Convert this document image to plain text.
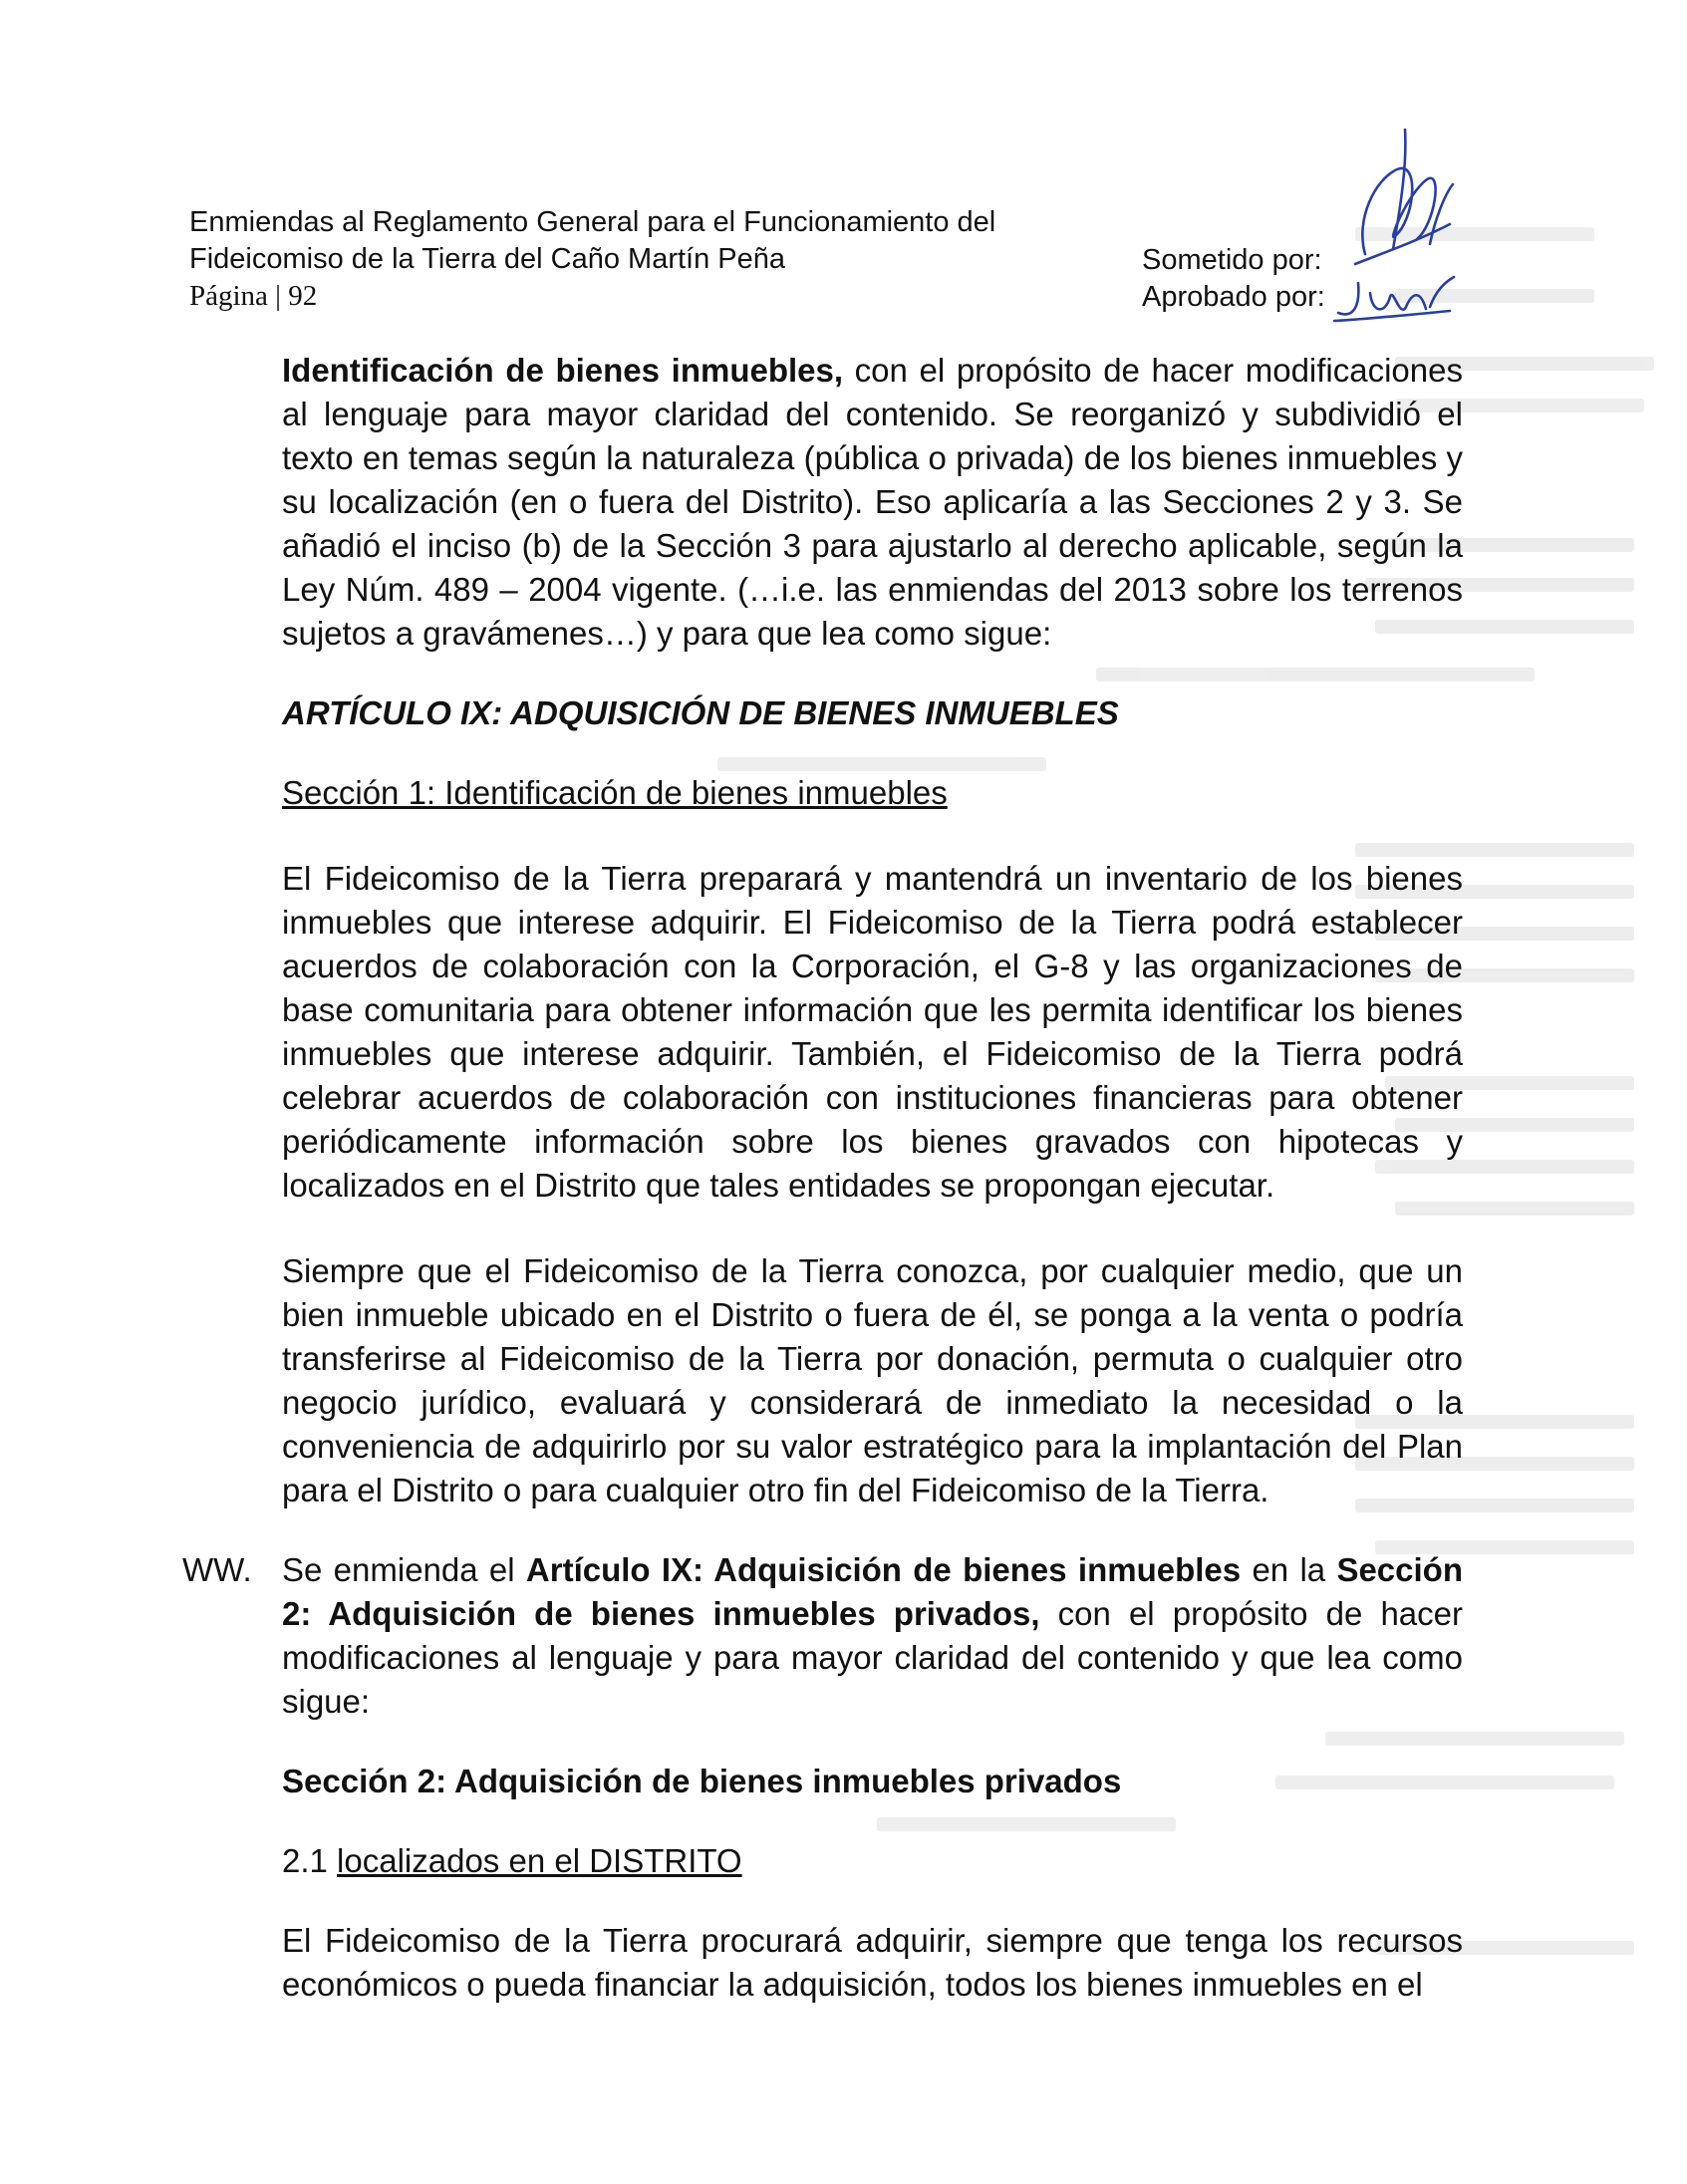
Enmiendas al Reglamento General para el Funcionamiento del
Fideicomiso de la Tierra del Caño Martín Peña
Página | 92
Sometido por:
Aprobado por:

Identificación de bienes inmuebles, con el propósito de hacer modificaciones al lenguaje para mayor claridad del contenido. Se reorganizó y subdividió el texto en temas según la naturaleza (pública o privada) de los bienes inmuebles y su localización (en o fuera del Distrito). Eso aplicaría a las Secciones 2 y 3. Se añadió el inciso (b) de la Sección 3 para ajustarlo al derecho aplicable, según la Ley Núm. 489 – 2004 vigente. (…i.e. las enmiendas del 2013 sobre los terrenos sujetos a gravámenes…) y para que lea como sigue:

ARTÍCULO IX: ADQUISICIÓN DE BIENES INMUEBLES

Sección 1: Identificación de bienes inmuebles

El Fideicomiso de la Tierra preparará y mantendrá un inventario de los bienes inmuebles que interese adquirir. El Fideicomiso de la Tierra podrá establecer acuerdos de colaboración con la Corporación, el G-8 y las organizaciones de base comunitaria para obtener información que les permita identificar los bienes inmuebles que interese adquirir. También, el Fideicomiso de la Tierra podrá celebrar acuerdos de colaboración con instituciones financieras para obtener periódicamente información sobre los bienes gravados con hipotecas y localizados en el Distrito que tales entidades se propongan ejecutar.

Siempre que el Fideicomiso de la Tierra conozca, por cualquier medio, que un bien inmueble ubicado en el Distrito o fuera de él, se ponga a la venta o podría transferirse al Fideicomiso de la Tierra por donación, permuta o cualquier otro negocio jurídico, evaluará y considerará de inmediato la necesidad o la conveniencia de adquirirlo por su valor estratégico para la implantación del Plan para el Distrito o para cualquier otro fin del Fideicomiso de la Tierra.

WW. Se enmienda el Artículo IX: Adquisición de bienes inmuebles en la Sección 2: Adquisición de bienes inmuebles privados, con el propósito de hacer modificaciones al lenguaje y para mayor claridad del contenido y que lea como sigue:

Sección 2: Adquisición de bienes inmuebles privados

2.1 localizados en el DISTRITO

El Fideicomiso de la Tierra procurará adquirir, siempre que tenga los recursos económicos o pueda financiar la adquisición, todos los bienes inmuebles en el
